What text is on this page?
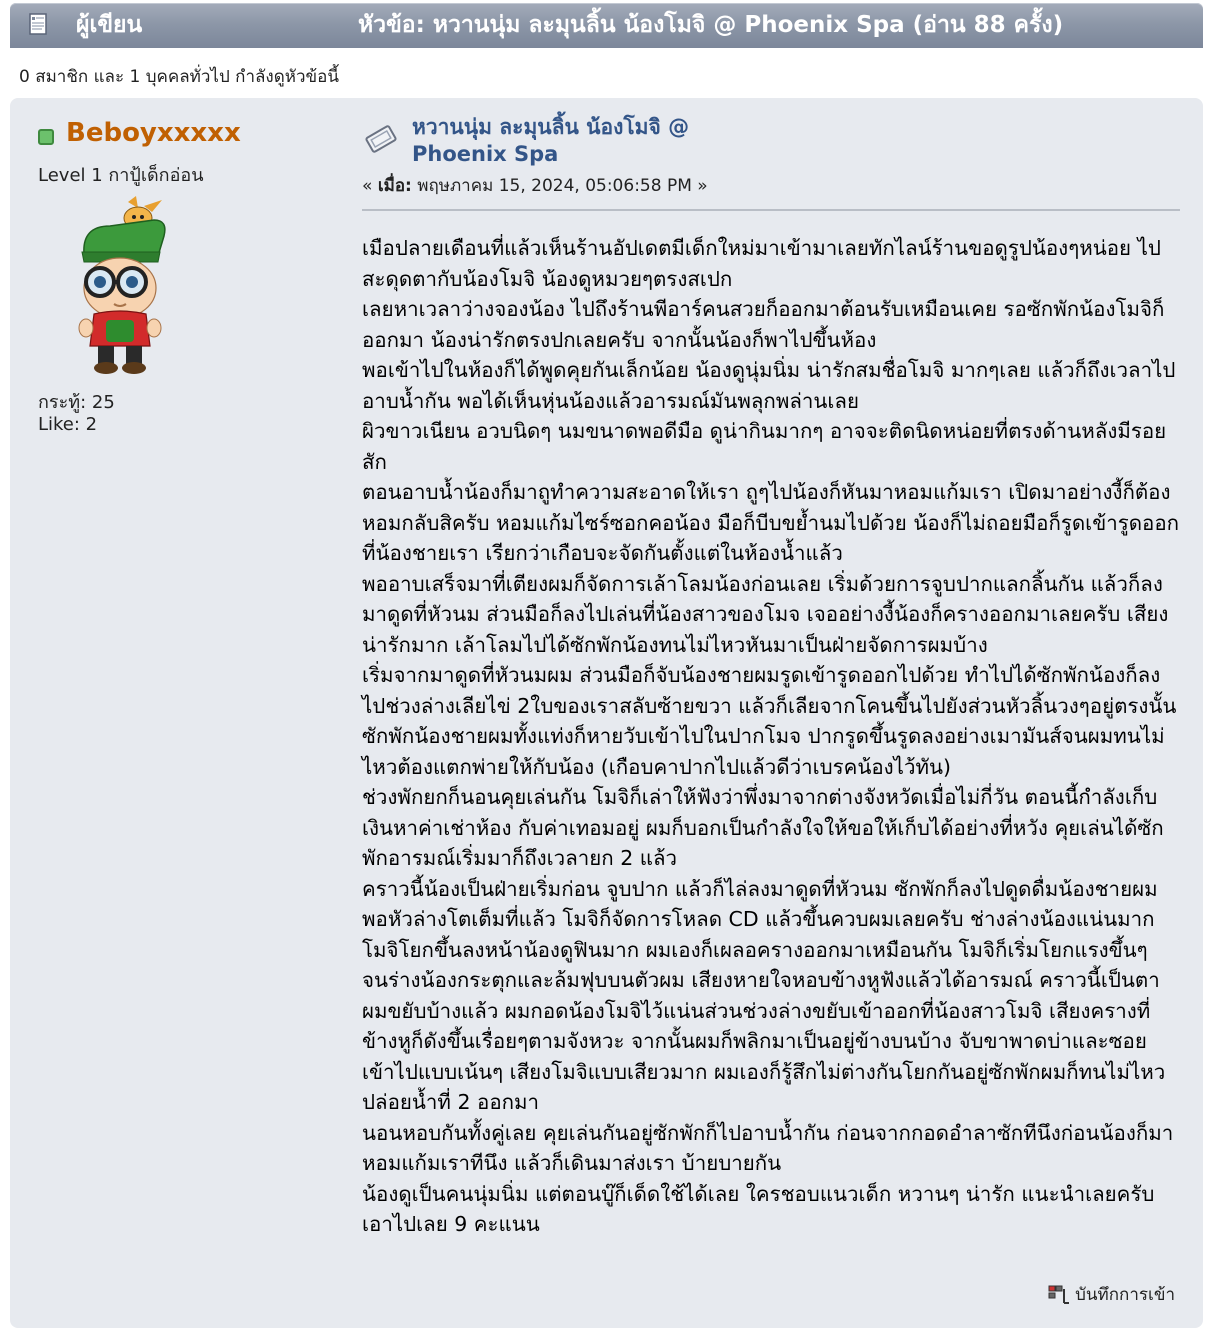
ผู้เขียน	หัวข้อ: หวานนุ่ม ละมุนลิ้น น้องโมจิ @ Phoenix Spa (อ่าน 88 ครั้ง)
0 สมาชิก และ 1 บุคคลทั่วไป กำลังดูหัวข้อนี้
Beboyxxxxx
Level 1 กาปู้เด็กอ่อน
กระทู้: 25
Like: 2
หวานนุ่ม ละมุนลิ้น น้องโมจิ @ Phoenix Spa
« เมื่อ: พฤษภาคม 15, 2024, 05:06:58 PM »

เมือปลายเดือนที่แล้วเห็นร้านอัปเดตมีเด็กใหม่มาเข้ามาเลยทักไลน์ร้านขอดูรูปน้องๆหน่อย ไปสะดุดตากับน้องโมจิ น้องดูหมวยๆตรงสเปก

เลยหาเวลาว่างจองน้อง ไปถึงร้านพีอาร์คนสวยก็ออกมาต้อนรับเหมือนเคย รอซักพักน้องโมจิก็ออกมา น้องน่ารักตรงปกเลยครับ จากนั้นน้องก็พาไปขึ้นห้อง

พอเข้าไปในห้องก็ได้พูดคุยกันเล็กน้อย น้องดูนุ่มนิ่ม น่ารักสมชื่อโมจิ มากๆเลย แล้วก็ถึงเวลาไปอาบน้ำกัน พอได้เห็นหุ่นน้องแล้วอารมณ์มันพลุกพล่านเลย

ผิวขาวเนียน อวบนิดๆ นมขนาดพอดีมือ ดูน่ากินมากๆ อาจจะติดนิดหน่อยที่ตรงด้านหลังมีรอยสัก

ตอนอาบน้ำน้องก็มาถูทำความสะอาดให้เรา ถูๆไปน้องก็หันมาหอมแก้มเรา เปิดมาอย่างงี้ก็ต้องหอมกลับสิครับ หอมแก้มไซร์ซอกคอน้อง มือก็บีบขย้ำนมไปด้วย น้องก็ไม่ถอยมือก็รูดเข้ารูดออกที่น้องชายเรา เรียกว่าเกือบจะจัดกันตั้งแต่ในห้องน้ำแล้ว

พออาบเสร็จมาที่เตียงผมก็จัดการเล้าโลมน้องก่อนเลย เริ่มด้วยการจูบปากแลกลิ้นกัน แล้วก็ลงมาดูดที่หัวนม ส่วนมือก็ลงไปเล่นที่น้องสาวของโมจ เจออย่างงี้น้องก็ครางออกมาเลยครับ เสียงน่ารักมาก เล้าโลมไปได้ซักพักน้องทนไม่ไหวหันมาเป็นฝ่ายจัดการผมบ้าง

เริ่มจากมาดูดที่หัวนมผม ส่วนมือก็จับน้องชายผมรูดเข้ารูดออกไปด้วย ทำไปได้ซักพักน้องก็ลงไปช่วงล่างเลียไข่ 2ใบของเราสลับซ้ายขวา แล้วก็เลียจากโคนขึ้นไปยังส่วนหัวลิ้นวงๆอยู่ตรงนั้น ซักพักน้องชายผมทั้งแท่งก็หายวับเข้าไปในปากโมจ ปากรูดขึ้นรูดลงอย่างเมามันส์จนผมทนไม่ไหวต้องแตกพ่ายให้กับน้อง (เกือบคาปากไปแล้วดีว่าเบรคน้องไว้ทัน)

ช่วงพักยกก็นอนคุยเล่นกัน โมจิก็เล่าให้ฟังว่าพึ่งมาจากต่างจังหวัดเมื่อไม่กี่วัน ตอนนี้กำลังเก็บเงินหาค่าเช่าห้อง กับค่าเทอมอยู่ ผมก็บอกเป็นกำลังใจให้ขอให้เก็บได้อย่างที่หวัง คุยเล่นได้ซักพักอารมณ์เริ่มมาก็ถึงเวลายก 2 แล้ว

คราวนี้น้องเป็นฝ่ายเริ่มก่อน จูบปาก แล้วก็ไล่ลงมาดูดที่หัวนม ซักพักก็ลงไปดูดดื่มน้องชายผม พอหัวล่างโตเต็มที่แล้ว โมจิก็จัดการโหลด CD แล้วขึ้นควบผมเลยครับ ช่างล่างน้องแน่นมาก โมจิโยกขึ้นลงหน้าน้องดูฟินมาก ผมเองก็เผลอครางออกมาเหมือนกัน โมจิก็เริ่มโยกแรงขึ้นๆ จนร่างน้องกระตุกและล้มฟุบบนตัวผม เสียงหายใจหอบข้างหูฟังแล้วได้อารมณ์ คราวนี้เป็นตาผมขยับบ้างแล้ว ผมกอดน้องโมจิไว้แน่นส่วนช่วงล่างขยับเข้าออกที่น้องสาวโมจิ เสียงครางที่ข้างหูก็ดังขึ้นเรื่อยๆตามจังหวะ จากนั้นผมก็พลิกมาเป็นอยู่ข้างบนบ้าง จับขาพาดบ่าและซอยเข้าไปแบบเน้นๆ เสียงโมจิแบบเสียวมาก ผมเองก็รู้สึกไม่ต่างกันโยกกันอยู่ซักพักผมก็ทนไม่ไหวปล่อยน้ำที่ 2 ออกมา

นอนหอบกันทั้งคู่เลย คุยเล่นกันอยู่ซักพักก็ไปอาบน้ำกัน ก่อนจากกอดอำลาซักทีนึงก่อนน้องก็มาหอมแก้มเราทีนึง แล้วก็เดินมาส่งเรา บ้ายบายกัน

น้องดูเป็นคนนุ่มนิ่ม แต่ตอนบู๊ก็เด็ดใช้ได้เลย ใครชอบแนวเด็ก หวานๆ น่ารัก แนะนำเลยครับ

เอาไปเลย 9 คะแนน

บันทึกการเข้า
